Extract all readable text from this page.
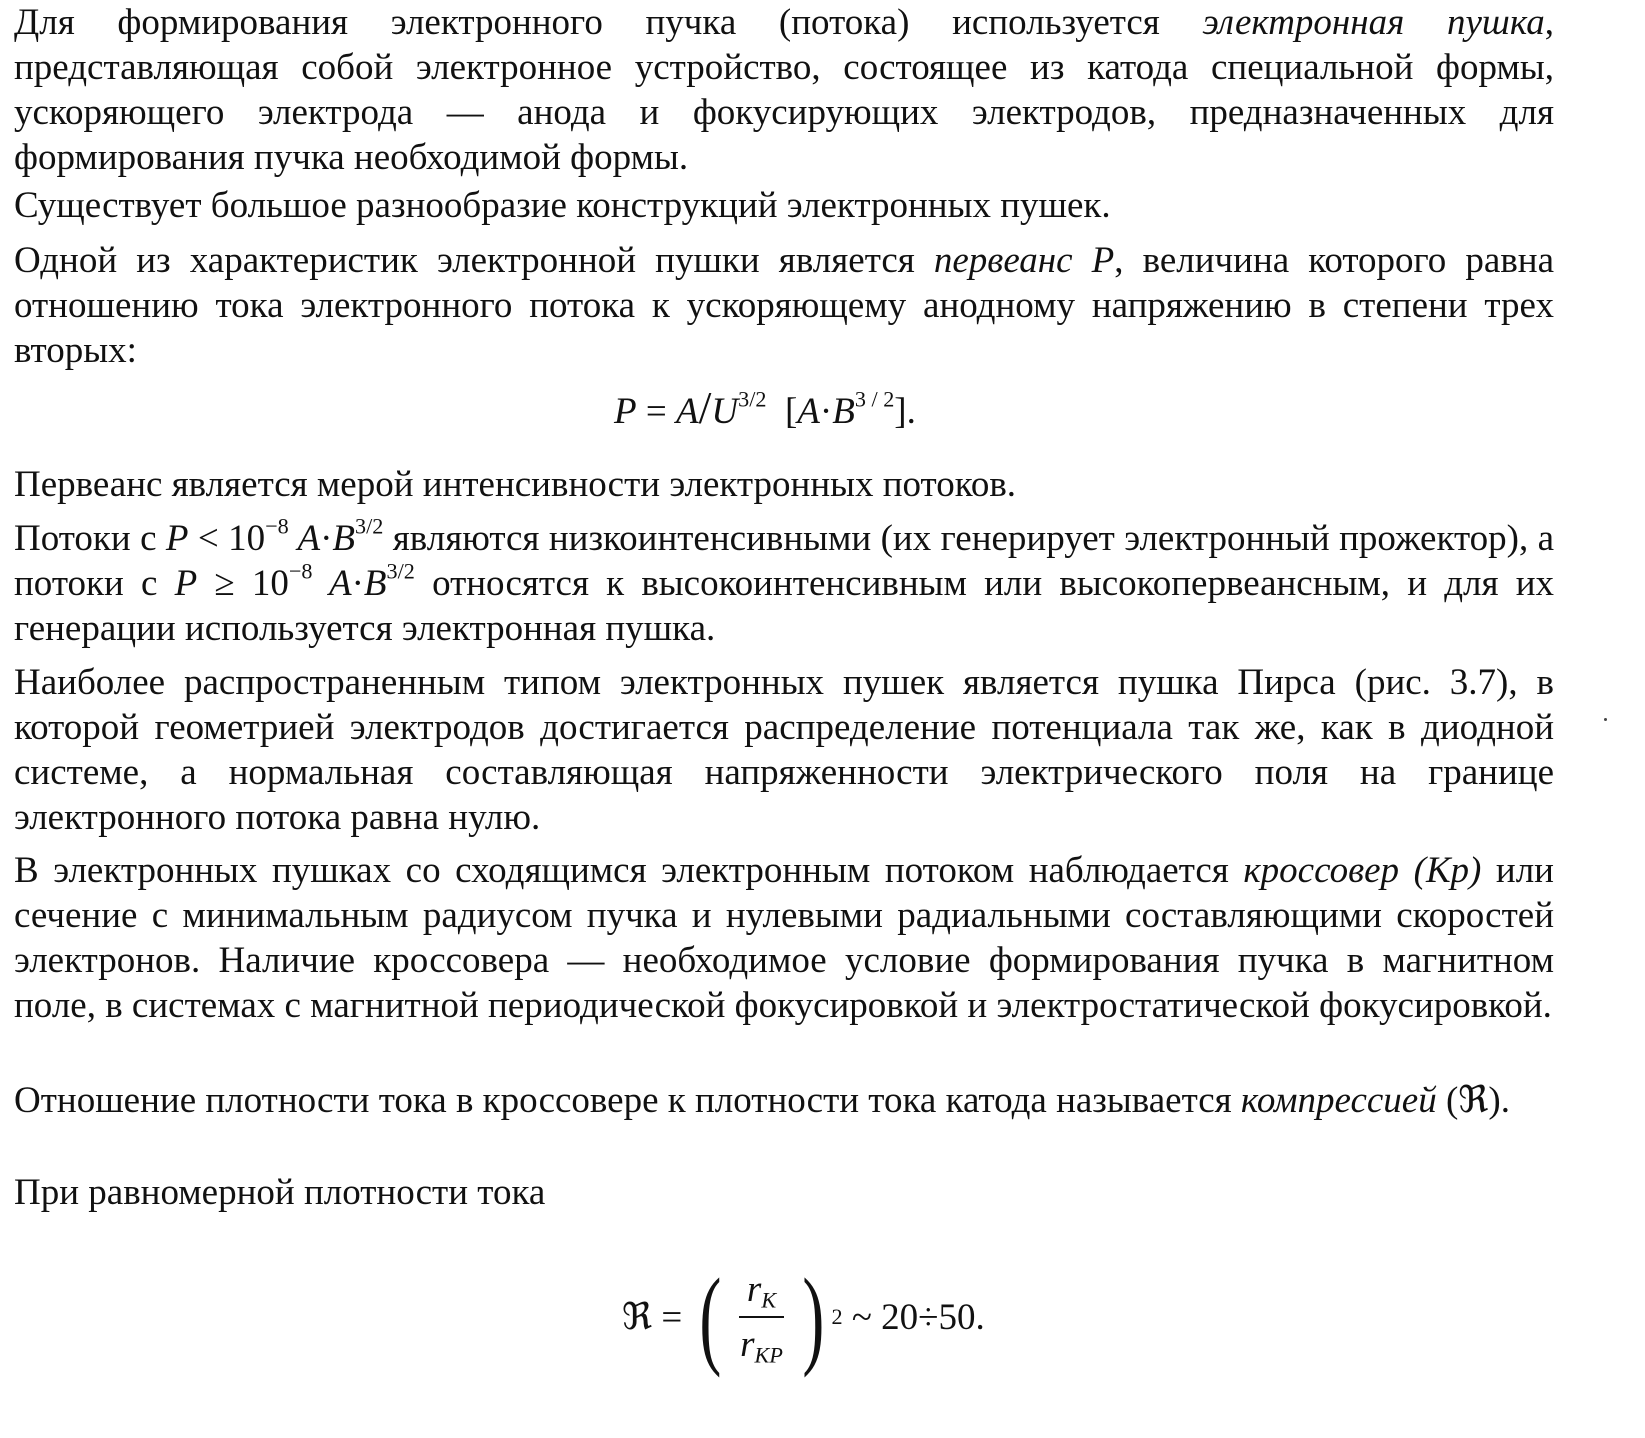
Для формирования электронного пучка (потока) используется электронная пушка, представляющая собой электронное устройство, состоящее из катода специальной формы, ускоряющего электрода — анода и фокусирующих электродов, предназначенных для формирования пучка необходимой формы.

Существует большое разнообразие конструкций электронных пушек.

Одной из характеристик электронной пушки является первеанс P, величина которого равна отношению тока электронного потока к ускоряющему анодному напряжению в степени трех вторых:

$P = A/U^{3/2}$  $[A\cdot B^{3 / 2}]$.

Первеанс является мерой интенсивности электронных потоков.

Потоки с $P < 10^{-8}$ $A\cdot B^{3/2}$ являются низкоинтенсивными (их генерирует электронный прожектор), а потоки с $P \ge 10^{-8}$ $A\cdot B^{3/2}$ относятся к высокоинтенсивным или высокопервеансным, и для их генерации используется электронная пушка.

Наиболее распространенным типом электронных пушек является пушка Пирса (рис. 3.7), в которой геометрией электродов достигается распределение потенциала так же, как в диодной системе, а нормальная составляющая напряженности электрического поля на границе электронного потока равна нулю.

В электронных пушках со сходящимся электронным потоком наблюдается кроссовер (Кр) или сечение с минимальным радиусом пучка и нулевыми радиальными составляющими скоростей электронов. Наличие кроссовера — необходимое условие формирования пучка в магнитном поле, в системах с магнитной периодической фокусировкой и электростатической фокусировкой.

Отношение плотности тока в кроссовере к плотности тока катода называется компрессией (ℜ).

При равномерной плотности тока

ℜ = ( $\frac{r_K}{r_{KP}}$ ) 2 ~ 20÷50.
